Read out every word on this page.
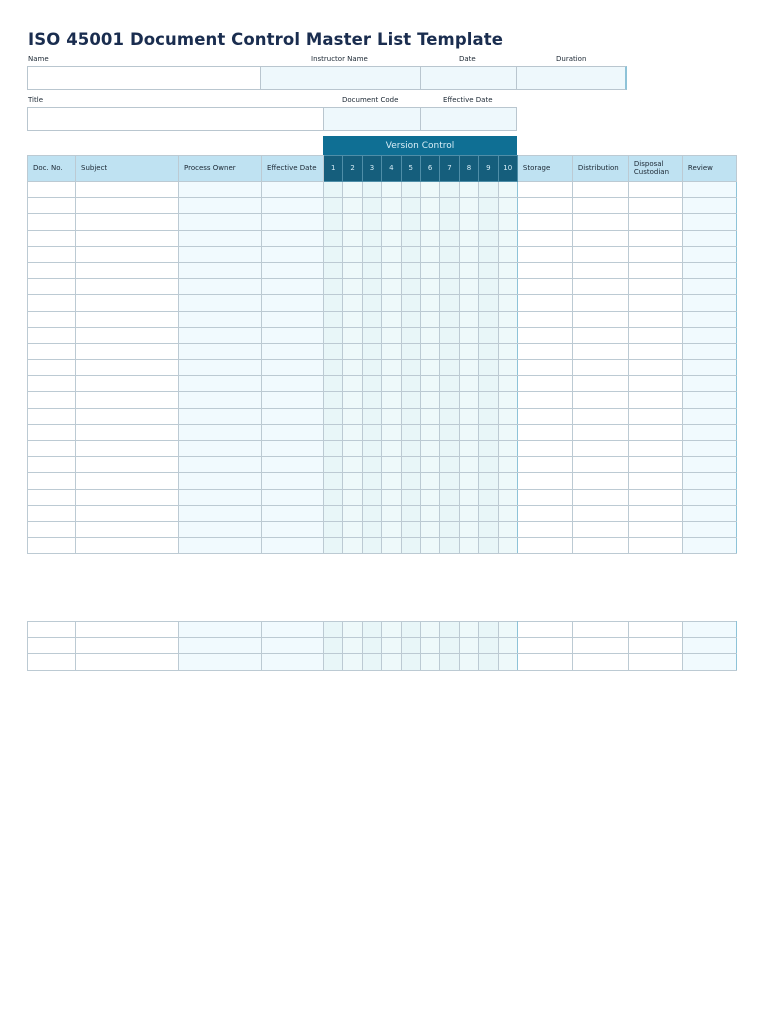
ISO 45001 Document Control Master List Template
Name	Instructor Name	Date	Duration
Title	Document Code	Effective Date
Version Control
Doc. No.	Subject	Process Owner	Effective Date	1	2	3	4	5	6	7	8	9	10	Storage	Distribution	Disposal Custodian	Review
